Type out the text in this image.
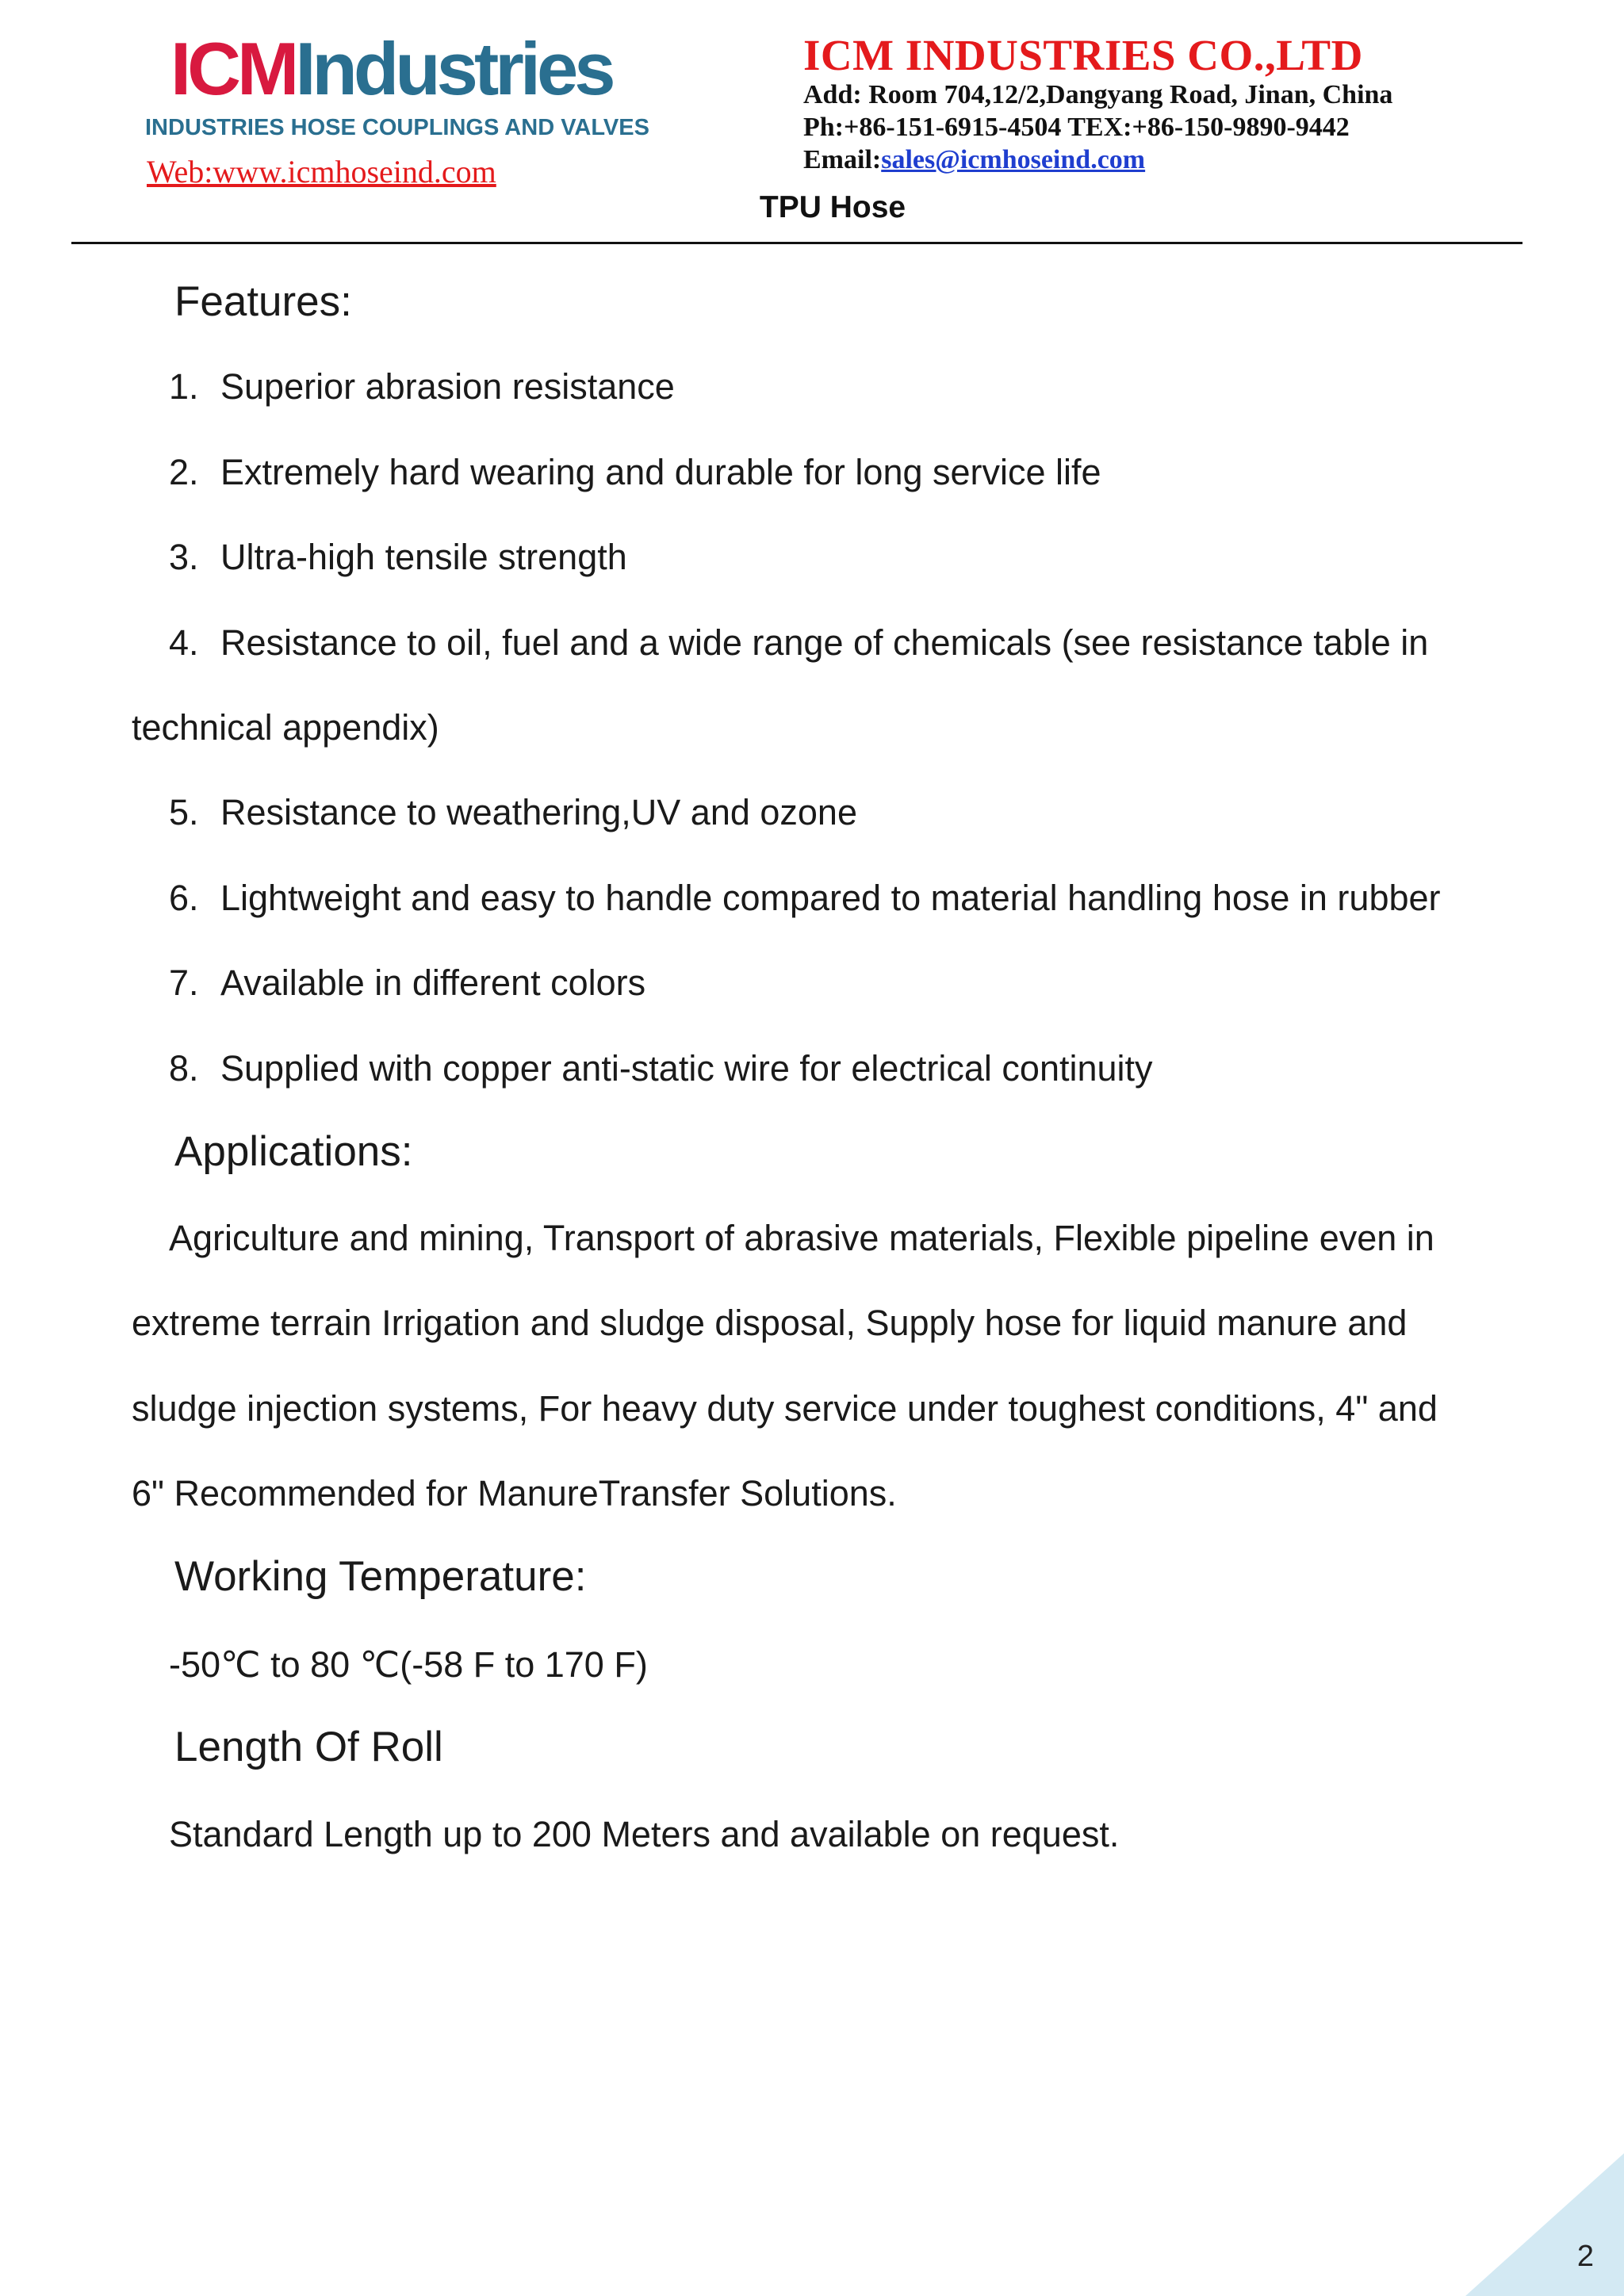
ICMIndustries
INDUSTRIES HOSE COUPLINGS AND VALVES
Web:www.icmhoseind.com
ICM INDUSTRIES CO.,LTD
Add: Room 704,12/2,Dangyang Road, Jinan, China
Ph:+86-151-6915-4504 TEX:+86-150-9890-9442
Email:sales@icmhoseind.com
TPU Hose
Features:
1. Superior abrasion resistance
2. Extremely hard wearing and durable for long service life
3. Ultra-high tensile strength
4. Resistance to oil, fuel and a wide range of chemicals (see resistance table in
technical appendix)
5. Resistance to weathering,UV and ozone
6. Lightweight and easy to handle compared to material handling hose in rubber
7. Available in different colors
8. Supplied with copper anti-static wire for electrical continuity
Applications:
Agriculture and mining, Transport of abrasive materials, Flexible pipeline even in
extreme terrain Irrigation and sludge disposal, Supply hose for liquid manure and
sludge injection systems, For heavy duty service under toughest conditions, 4" and
6" Recommended for ManureTransfer Solutions.
Working Temperature:
-50℃ to 80 ℃(-58 F to 170 F)
Length Of Roll
Standard Length up to 200 Meters and available on request.
2
